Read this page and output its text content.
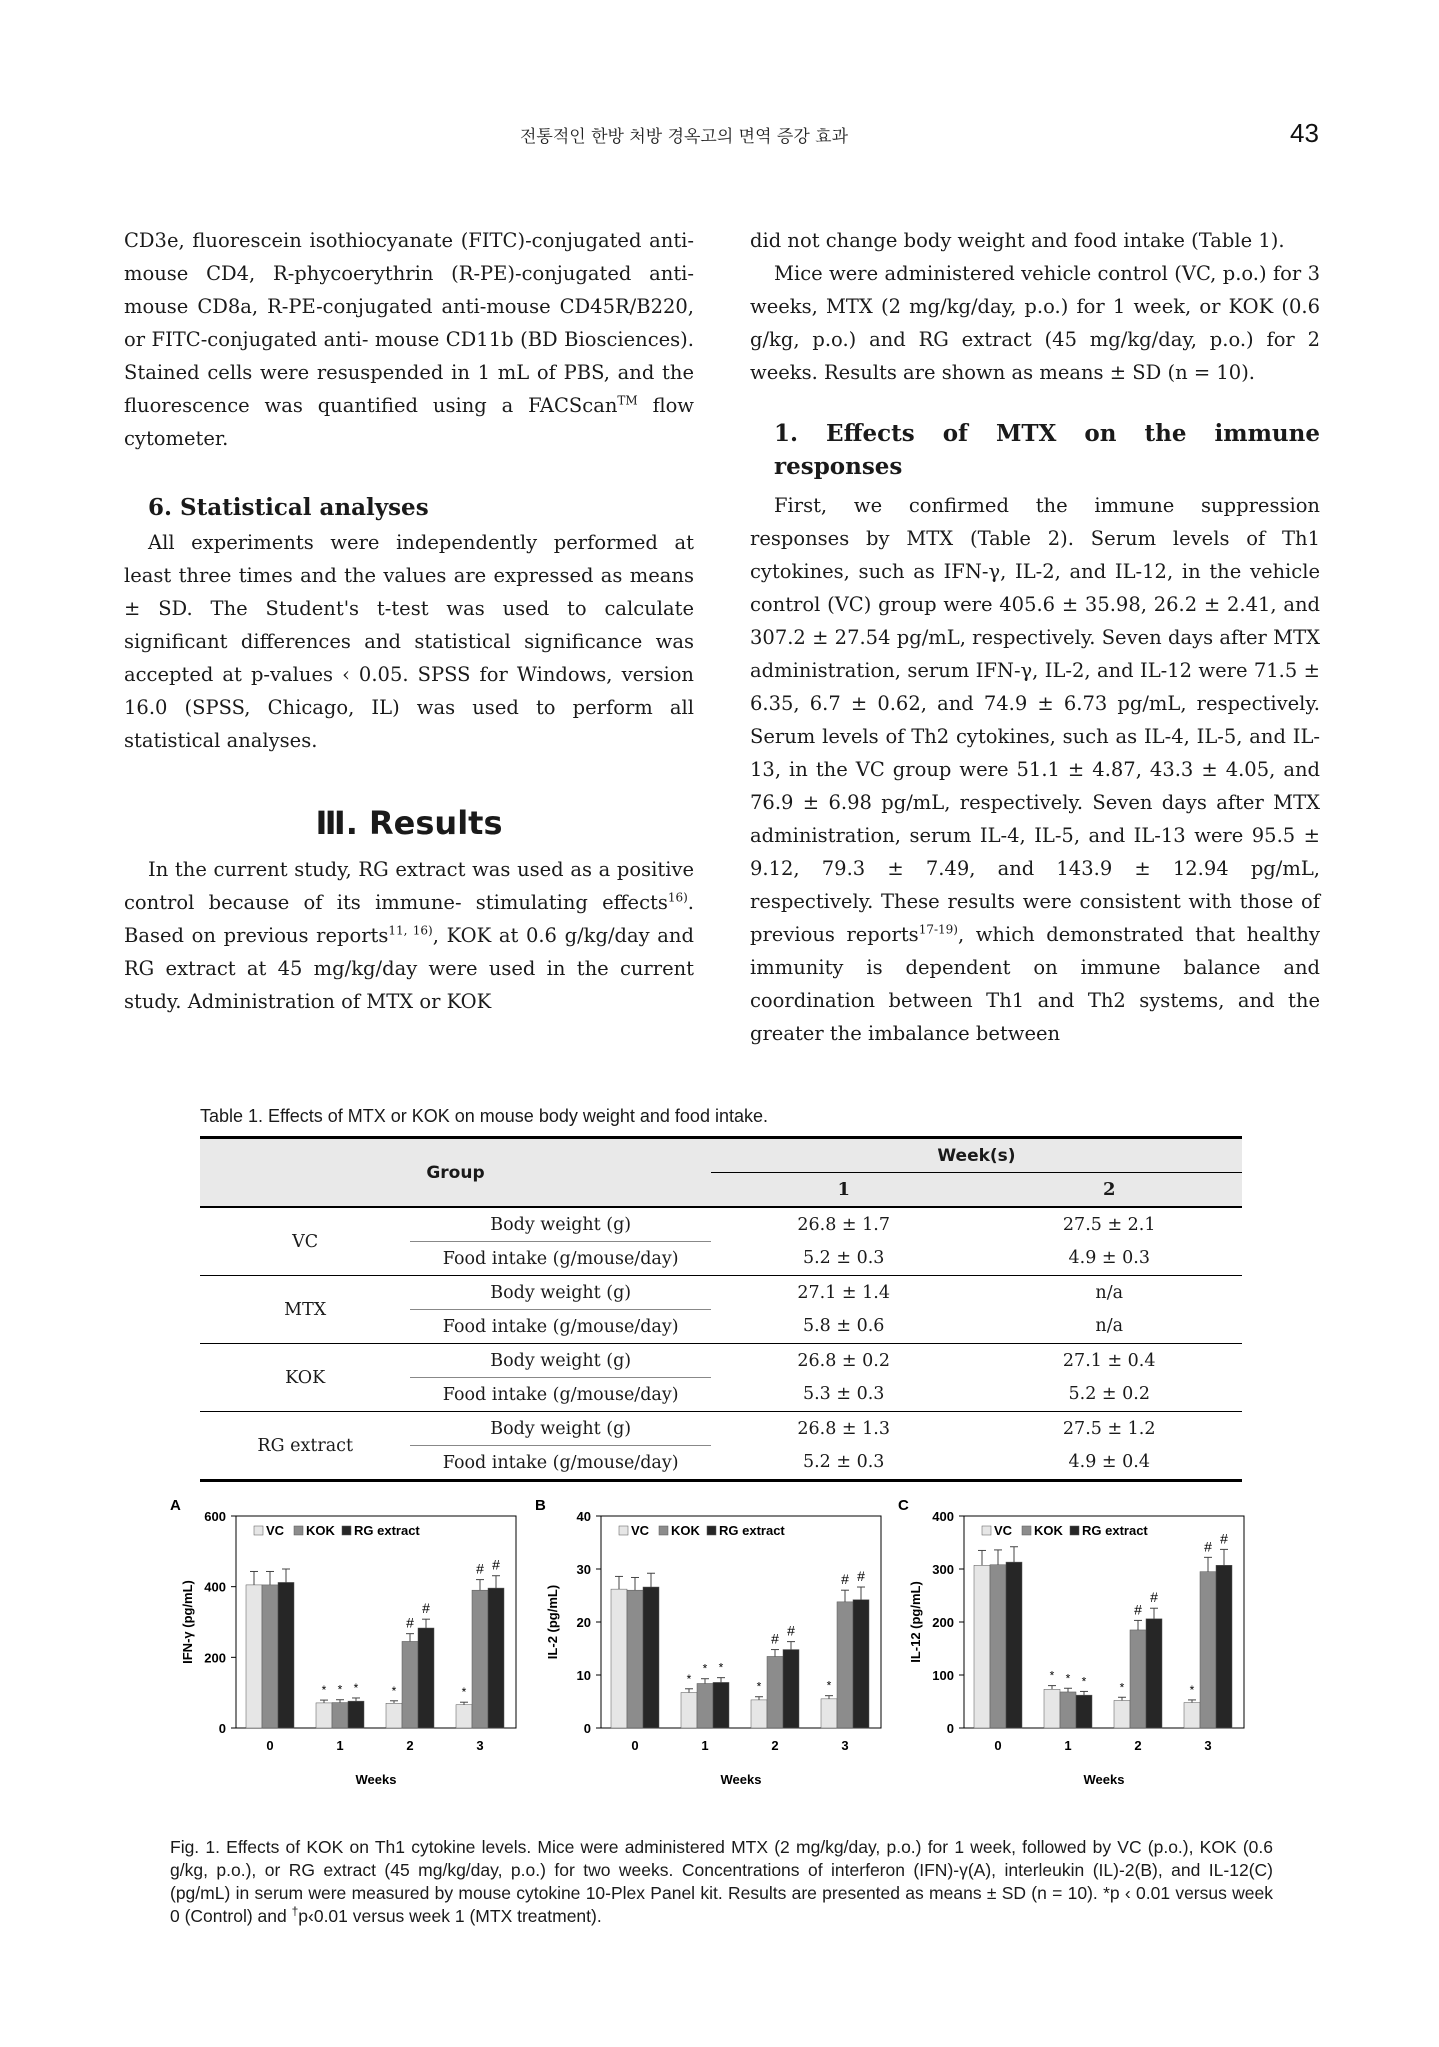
전통적인 한방 처방 경옥고의 면역 증강 효과	43

CD3e, fluorescein isothiocyanate (FITC)-conjugated anti-mouse CD4, R-phycoerythrin (R-PE)-conjugated anti-mouse CD8a, R-PE-conjugated anti-mouse CD45R/B220, or FITC-conjugated anti- mouse CD11b (BD Biosciences). Stained cells were resuspended in 1 mL of PBS, and the fluorescence was quantified using a FACScan™ flow cytometer.

6. Statistical analyses

All experiments were independently performed at least three times and the values are expressed as means ± SD. The Student's t-test was used to calculate significant differences and statistical significance was accepted at p-values ‹ 0.05. SPSS for Windows, version 16.0 (SPSS, Chicago, IL) was used to perform all statistical analyses.

Ⅲ. Results

In the current study, RG extract was used as a positive control because of its immune- stimulating effects$^{16)}$. Based on previous reports$^{11, 16)}$, KOK at 0.6 g/kg/day and RG extract at 45 mg/kg/day were used in the current study. Administration of MTX or KOK

did not change body weight and food intake (Table 1).

Mice were administered vehicle control (VC, p.o.) for 3 weeks, MTX (2 mg/kg/day, p.o.) for 1 week, or KOK (0.6 g/kg, p.o.) and RG extract (45 mg/kg/day, p.o.) for 2 weeks. Results are shown as means ± SD (n = 10).

1. Effects of MTX on the immune responses

First, we confirmed the immune suppression responses by MTX (Table 2). Serum levels of Th1 cytokines, such as IFN-γ, IL-2, and IL-12, in the vehicle control (VC) group were 405.6 ± 35.98, 26.2 ± 2.41, and 307.2 ± 27.54 pg/mL, respectively. Seven days after MTX administration, serum IFN-γ, IL-2, and IL-12 were 71.5 ± 6.35, 6.7 ± 0.62, and 74.9 ± 6.73 pg/mL, respectively. Serum levels of Th2 cytokines, such as IL-4, IL-5, and IL-13, in the VC group were 51.1 ± 4.87, 43.3 ± 4.05, and 76.9 ± 6.98 pg/mL, respectively. Seven days after MTX administration, serum IL-4, IL-5, and IL-13 were 95.5 ± 9.12, 79.3 ± 7.49, and 143.9 ± 12.94 pg/mL, respectively. These results were consistent with those of previous reports$^{17-19)}$, which demonstrated that healthy immunity is dependent on immune balance and coordination between Th1 and Th2 systems, and the greater the imbalance between

Table 1. Effects of MTX or KOK on mouse body weight and food intake.
Group		Week(s)	
		1	2
VC	Body weight (g)	26.8 ± 1.7	27.5 ± 2.1
	Food intake (g/mouse/day)	5.2 ± 0.3	4.9 ± 0.3
MTX	Body weight (g)	27.1 ± 1.4	n/a
	Food intake (g/mouse/day)	5.8 ± 0.6	n/a
KOK	Body weight (g)	26.8 ± 0.2	27.1 ± 0.4
	Food intake (g/mouse/day)	5.3 ± 0.3	5.2 ± 0.2
RG extract	Body weight (g)	26.8 ± 1.3	27.5 ± 1.2
	Food intake (g/mouse/day)	5.2 ± 0.3	4.9 ± 0.4
A
0
200
400
600
IFN-γ (pg/mL)
0
* * *
1
*
#
#
2
*
# #
3
Weeks
VC KOK RG extract
B
0
10
20
30
40
IL-2 (pg/mL)
0
*
* *
1
*
# #
2
*
# #
3
Weeks
VC KOK RG extract
C
0
100
200
300
400
IL-12 (pg/mL)
0
* * *
1
*
#
#
2
*
# #
3
Weeks
VC KOK RG extract

Fig. 1. Effects of KOK on Th1 cytokine levels. Mice were administered MTX (2 mg/kg/day, p.o.) for 1 week, followed by VC (p.o.), KOK (0.6 g/kg, p.o.), or RG extract (45 mg/kg/day, p.o.) for two weeks. Concentrations of interferon (IFN)-γ(A), interleukin (IL)-2(B), and IL-12(C) (pg/mL) in serum were measured by mouse cytokine 10-Plex Panel kit. Results are presented as means ± SD (n = 10). *p ‹ 0.01 versus week 0 (Control) and †p‹0.01 versus week 1 (MTX treatment).
